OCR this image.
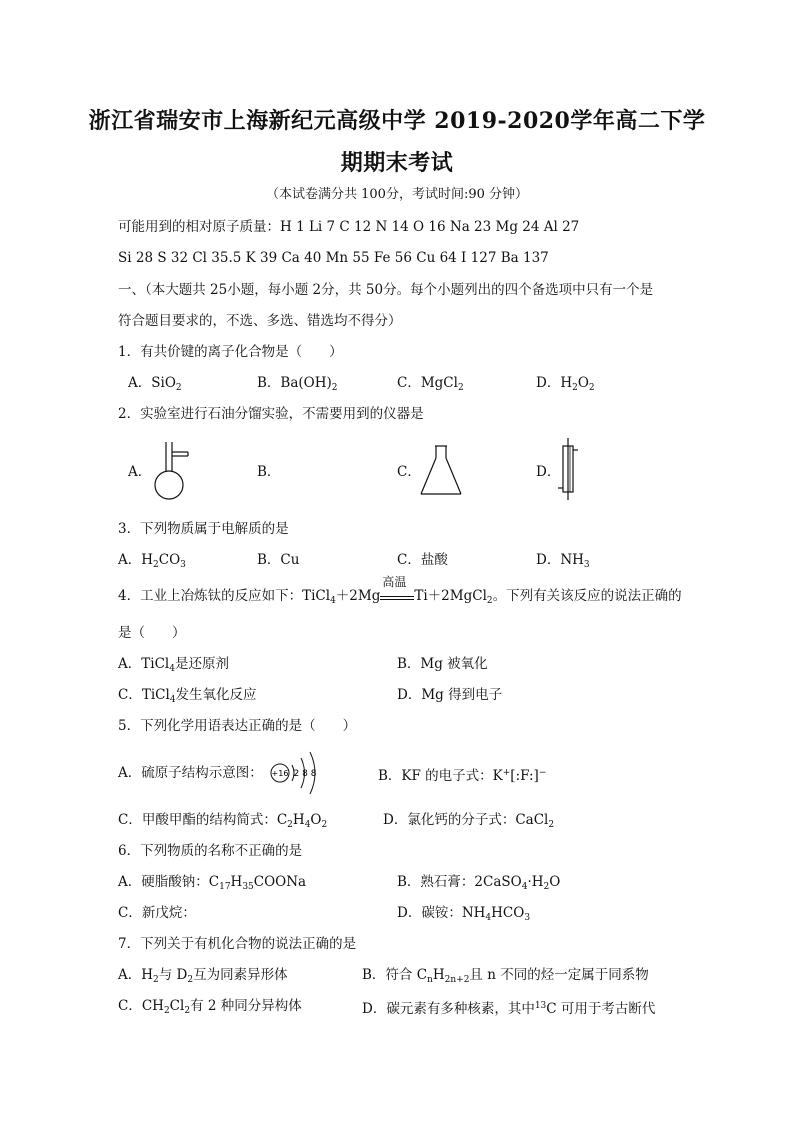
浙江省瑞安市上海新纪元高级中学 2019-2020学年高二下学
期期末考试
（本试卷满分共 100分，考试时间:90 分钟）
可能用到的相对原子质量：H 1 Li 7 C 12 N 14 O 16 Na 23 Mg 24 Al 27
Si 28 S 32 Cl 35.5 K 39 Ca 40 Mn 55 Fe 56 Cu 64 I 127 Ba 137
一、（本大题共 25小题，每小题 2分，共 50分。每个小题列出的四个备选项中只有一个是
符合题目要求的，不选、多选、错选均不得分）
1．有共价键的离子化合物是（　　）
A．SiO$_2$	B．$Ba(OH)_2$	C．MgCl$_2$	D．$H_2O_2$
2．实验室进行石油分馏实验，不需要用到的仪器是
A．	B．	C．	D．
3．下列物质属于电解质的是
A．$H_2CO_3$	B．Cu	C．盐酸	D．$NH_3$
4．工业上冶炼钛的反应如下：TiCl$_4$＋2Mg
高温
Ti＋2MgCl$_2$。下列有关该反应的说法正确的
是（　　）
A．TiCl$_4$是还原剂	B．Mg 被氧化
C．TiCl$_4$发生氧化反应	D．Mg 得到电子
5．下列化学用语表达正确的是（　　）
A．硫原子结构示意图： +16 2 8 8	B．KF 的电子式：K+[:F:]−
C．甲酸甲酯的结构简式：$C_2H_4O_2$	D．氯化钙的分子式：CaCl$_2$
6．下列物质的名称不正确的是
A．硬脂酸钠：$C_{17}H_{35}COONa$	B．熟石膏：$2CaSO_4\cdot H_2O$
C．新戊烷：	D．碳铵：$NH_4HCO_3$
7．下列关于有机化合物的说法正确的是
A．$H_2$与 $D_2$互为同素异形体	B．符合 $C_nH_{2n+2}$且 n 不同的烃一定属于同系物
C．$CH_2Cl_2$有 2 种同分异构体	D．碳元素有多种核素，其中$^{13}$C 可用于考古断代
